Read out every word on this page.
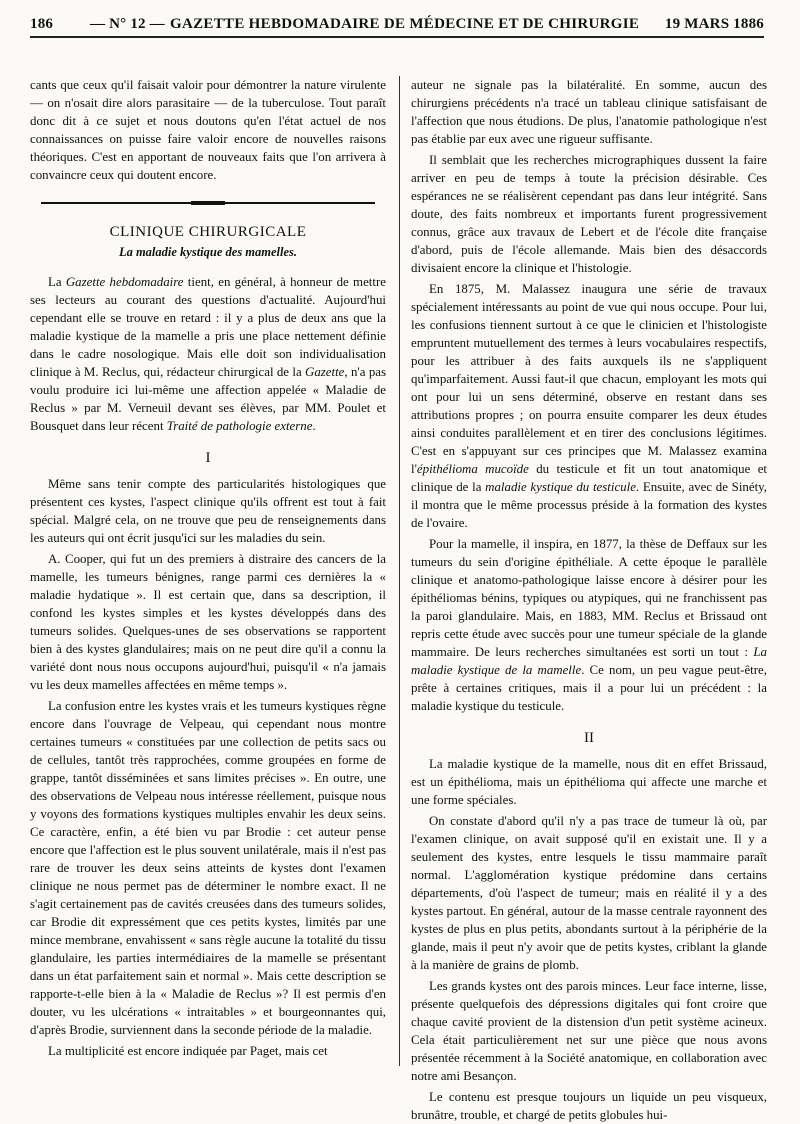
186 — N° 12 — GAZETTE HEBDOMADAIRE DE MÉDECINE ET DE CHIRURGIE 19 MARS 1886

cants que ceux qu'il faisait valoir pour démontrer la nature virulente — on n'osait dire alors parasitaire — de la tuberculose. Tout paraît donc dit à ce sujet et nous doutons qu'en l'état actuel de nos connaissances on puisse faire valoir encore de nouvelles raisons théoriques. C'est en apportant de nouveaux faits que l'on arrivera à convaincre ceux qui doutent encore.

CLINIQUE CHIRURGICALE
La maladie kystique des mamelles.

La Gazette hebdomadaire tient, en général, à honneur de mettre ses lecteurs au courant des questions d'actualité. Aujourd'hui cependant elle se trouve en retard : il y a plus de deux ans que la maladie kystique de la mamelle a pris une place nettement définie dans le cadre nosologique. Mais elle doit son individualisation clinique à M. Reclus, qui, rédacteur chirurgical de la Gazette, n'a pas voulu produire ici lui-même une affection appelée « Maladie de Reclus » par M. Verneuil devant ses élèves, par MM. Poulet et Bousquet dans leur récent Traité de pathologie externe.

I

Même sans tenir compte des particularités histologiques que présentent ces kystes, l'aspect clinique qu'ils offrent est tout à fait spécial. Malgré cela, on ne trouve que peu de renseignements dans les auteurs qui ont écrit jusqu'ici sur les maladies du sein.

A. Cooper, qui fut un des premiers à distraire des cancers de la mamelle, les tumeurs bénignes, range parmi ces dernières la « maladie hydatique ». Il est certain que, dans sa description, il confond les kystes simples et les kystes développés dans des tumeurs solides. Quelques-unes de ses observations se rapportent bien à des kystes glandulaires; mais on ne peut dire qu'il a connu la variété dont nous nous occupons aujourd'hui, puisqu'il « n'a jamais vu les deux mamelles affectées en même temps ».

La confusion entre les kystes vrais et les tumeurs kystiques règne encore dans l'ouvrage de Velpeau, qui cependant nous montre certaines tumeurs « constituées par une collection de petits sacs ou de cellules, tantôt très rapprochées, comme groupées en forme de grappe, tantôt disséminées et sans limites précises ». En outre, une des observations de Velpeau nous intéresse réellement, puisque nous y voyons des formations kystiques multiples envahir les deux seins. Ce caractère, enfin, a été bien vu par Brodie : cet auteur pense encore que l'affection est le plus souvent unilatérale, mais il n'est pas rare de trouver les deux seins atteints de kystes dont l'examen clinique ne nous permet pas de déterminer le nombre exact. Il ne s'agit certainement pas de cavités creusées dans des tumeurs solides, car Brodie dit expressément que ces petits kystes, limités par une mince membrane, envahissent « sans règle aucune la totalité du tissu glandulaire, les parties intermédiaires de la mamelle se présentant dans un état parfaitement sain et normal ». Mais cette description se rapporte-t-elle bien à la « Maladie de Reclus »? Il est permis d'en douter, vu les ulcérations « intraitables » et bourgeonnantes qui, d'après Brodie, surviennent dans la seconde période de la maladie.

La multiplicité est encore indiquée par Paget, mais cet

auteur ne signale pas la bilatéralité. En somme, aucun des chirurgiens précédents n'a tracé un tableau clinique satisfaisant de l'affection que nous étudions. De plus, l'anatomie pathologique n'est pas établie par eux avec une rigueur suffisante.

Il semblait que les recherches micrographiques dussent la faire arriver en peu de temps à toute la précision désirable. Ces espérances ne se réalisèrent cependant pas dans leur intégrité. Sans doute, des faits nombreux et importants furent progressivement connus, grâce aux travaux de Lebert et de l'école dite française d'abord, puis de l'école allemande. Mais bien des désaccords divisaient encore la clinique et l'histologie.

En 1875, M. Malassez inaugura une série de travaux spécialement intéressants au point de vue qui nous occupe. Pour lui, les confusions tiennent surtout à ce que le clinicien et l'histologiste empruntent mutuellement des termes à leurs vocabulaires respectifs, pour les attribuer à des faits auxquels ils ne s'appliquent qu'imparfaitement. Aussi faut-il que chacun, employant les mots qui ont pour lui un sens déterminé, observe en restant dans ses attributions propres ; on pourra ensuite comparer les deux études ainsi conduites parallèlement et en tirer des conclusions légitimes. C'est en s'appuyant sur ces principes que M. Malassez examina l'épithélioma mucoïde du testicule et fit un tout anatomique et clinique de la maladie kystique du testicule. Ensuite, avec de Sinéty, il montra que le même processus préside à la formation des kystes de l'ovaire.

Pour la mamelle, il inspira, en 1877, la thèse de Deffaux sur les tumeurs du sein d'origine épithéliale. A cette époque le parallèle clinique et anatomo-pathologique laisse encore à désirer pour les épithéliomas bénins, typiques ou atypiques, qui ne franchissent pas la paroi glandulaire. Mais, en 1883, MM. Reclus et Brissaud ont repris cette étude avec succès pour une tumeur spéciale de la glande mammaire. De leurs recherches simultanées est sorti un tout : La maladie kystique de la mamelle. Ce nom, un peu vague peut-être, prête à certaines critiques, mais il a pour lui un précédent : la maladie kystique du testicule.

II

La maladie kystique de la mamelle, nous dit en effet Brissaud, est un épithélioma, mais un épithélioma qui affecte une marche et une forme spéciales.

On constate d'abord qu'il n'y a pas trace de tumeur là où, par l'examen clinique, on avait supposé qu'il en existait une. Il y a seulement des kystes, entre lesquels le tissu mammaire paraît normal. L'agglomération kystique prédomine dans certains départements, d'où l'aspect de tumeur; mais en réalité il y a des kystes partout. En général, autour de la masse centrale rayonnent des kystes de plus en plus petits, abondants surtout à la périphérie de la glande, mais il peut n'y avoir que de petits kystes, criblant la glande à la manière de grains de plomb.

Les grands kystes ont des parois minces. Leur face interne, lisse, présente quelquefois des dépressions digitales qui font croire que chaque cavité provient de la distension d'un petit système acineux. Cela était particulièrement net sur une pièce que nous avons présentée récemment à la Société anatomique, en collaboration avec notre ami Besançon.

Le contenu est presque toujours un liquide un peu visqueux, brunâtre, trouble, et chargé de petits globules hui-
